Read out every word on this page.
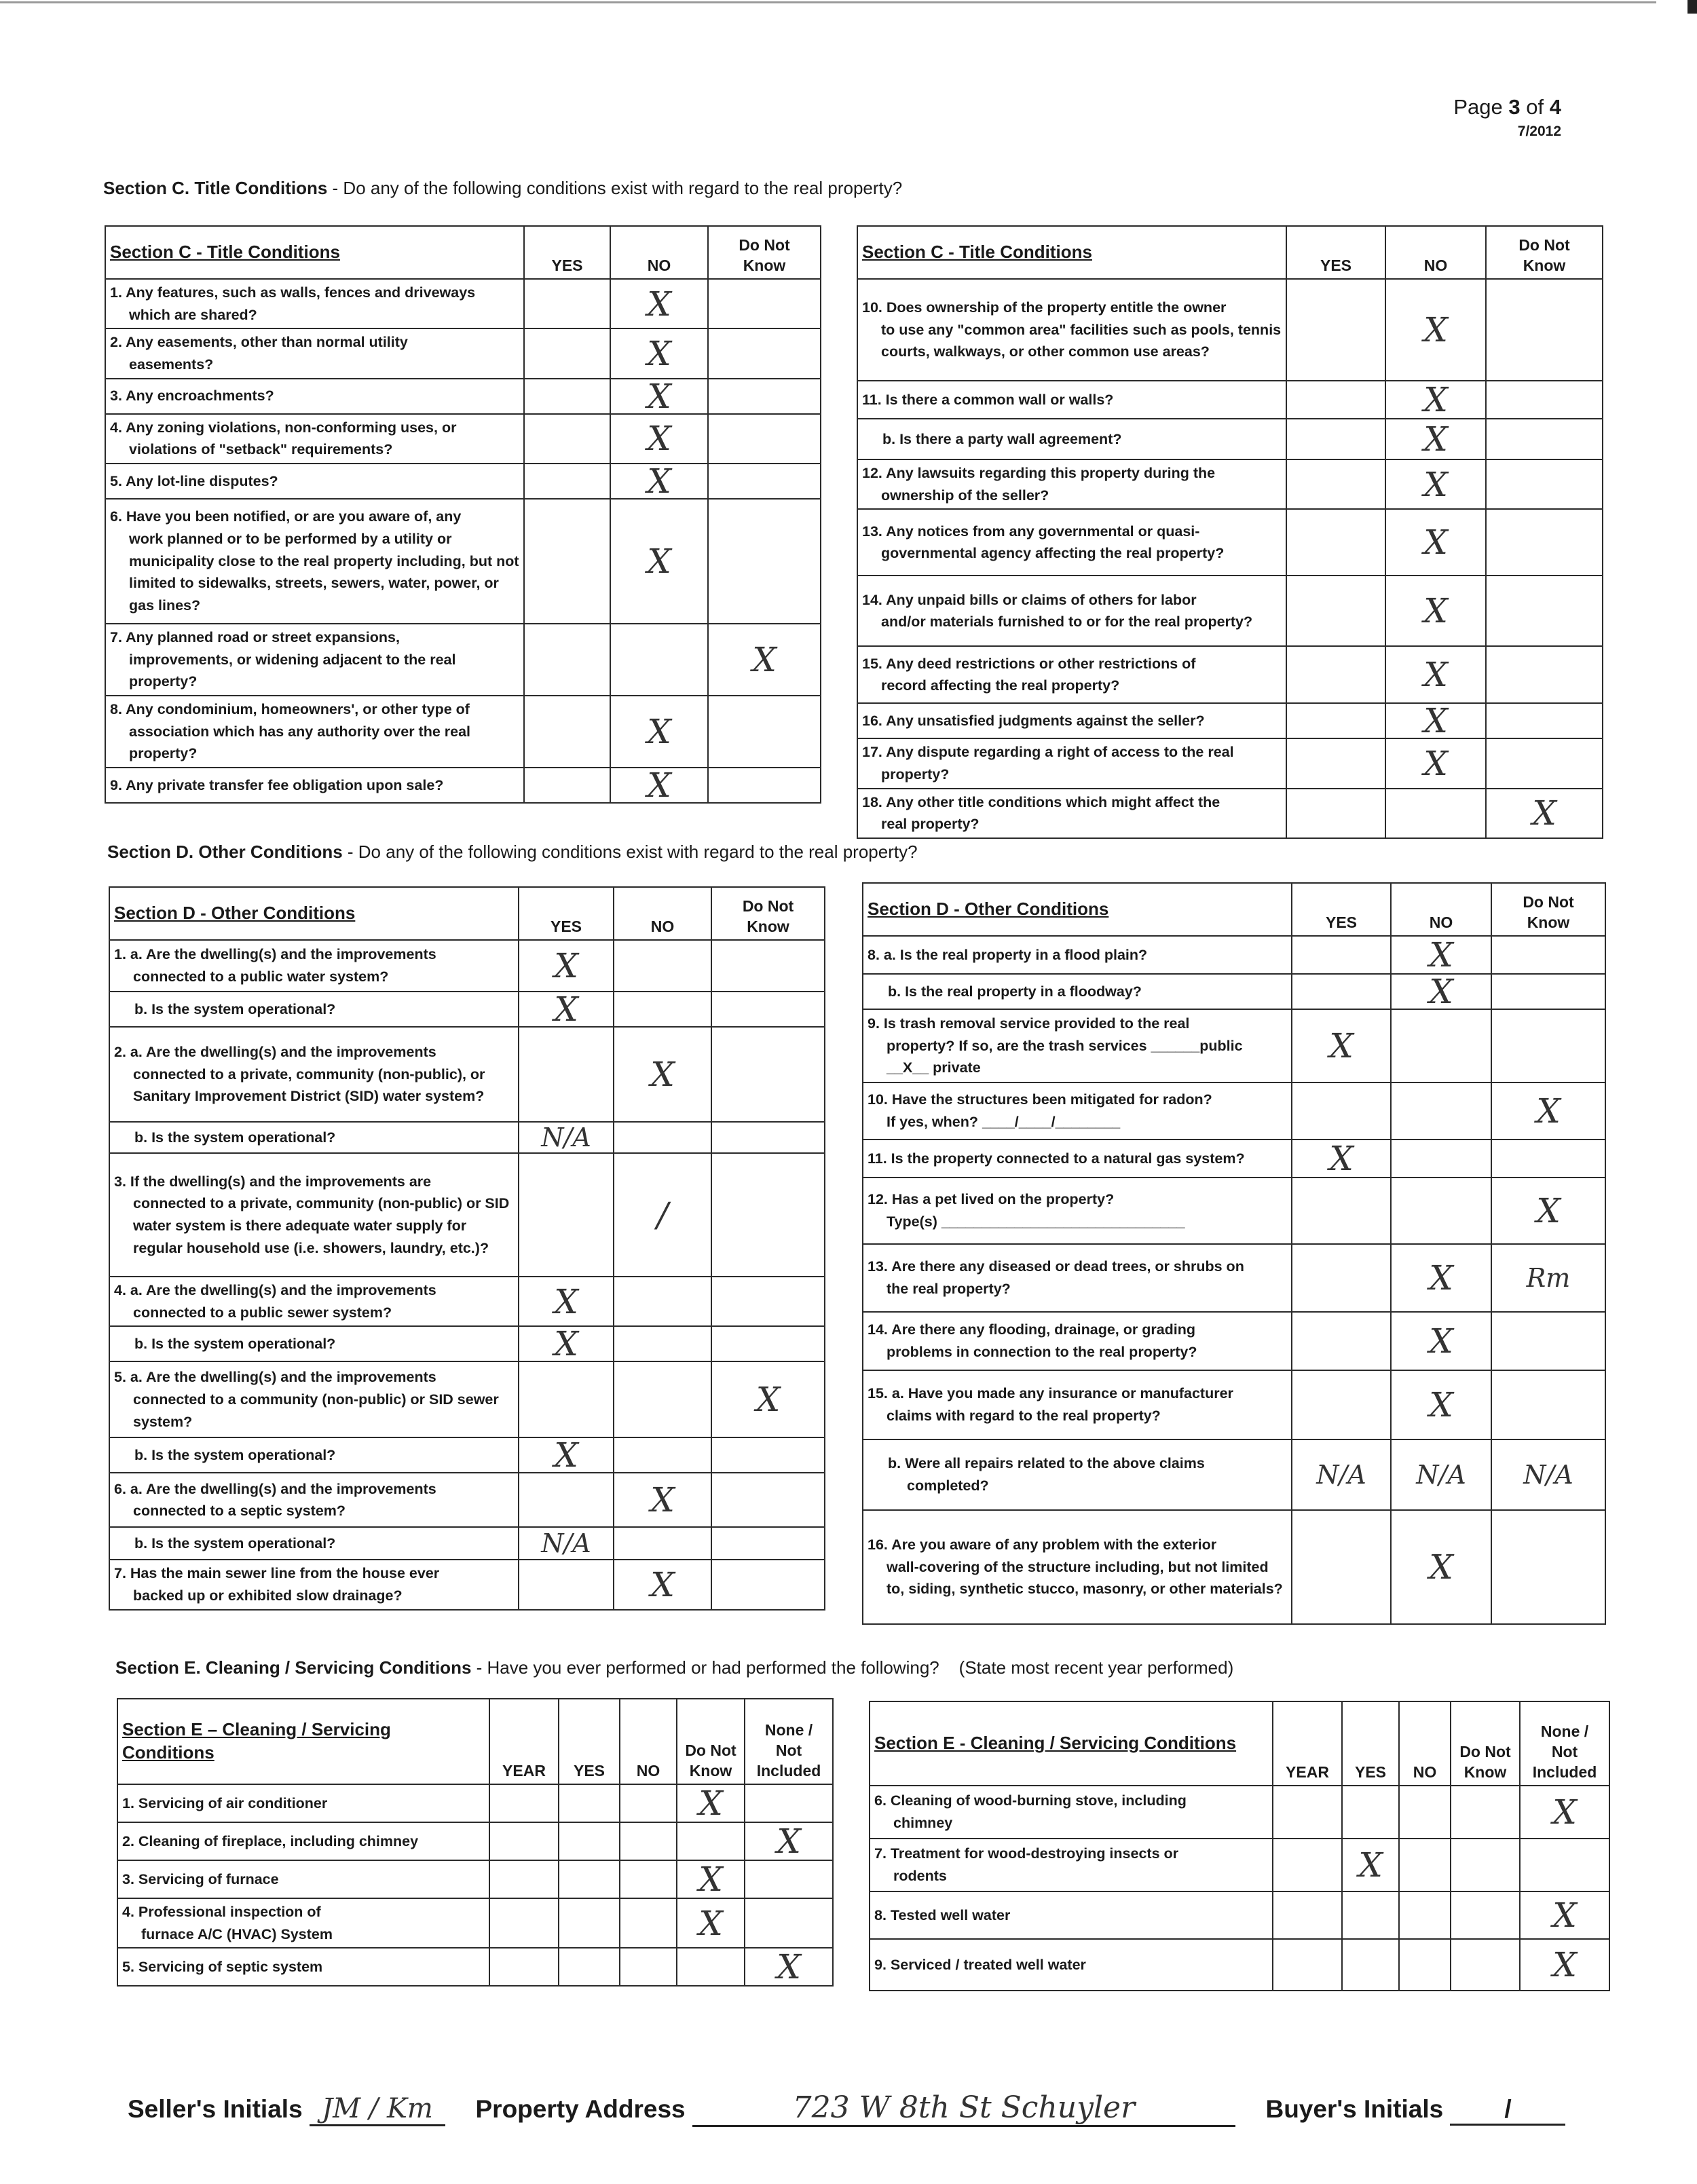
Page 3 of 4
7/2012
Section C. Title Conditions - Do any of the following conditions exist with regard to the real property?
Section C - Title Conditions	YES	NO	Do Not
Know
1. Any features, such as walls, fences and driveways
which are shared?		X	
2. Any easements, other than normal utility
easements?		X	
3. Any encroachments?		X	
4. Any zoning violations, non-conforming uses, or
violations of "setback" requirements?		X	
5. Any lot-line disputes?		X	
6. Have you been notified, or are you aware of, any
work planned or to be performed by a utility or municipality close to the real property including, but not limited to sidewalks, streets, sewers, water, power, or gas lines?		X	
7. Any planned road or street expansions,
improvements, or widening adjacent to the real property?			X
8. Any condominium, homeowners', or other type of
association which has any authority over the real property?		X	
9. Any private transfer fee obligation upon sale?		X	
Section C - Title Conditions	YES	NO	Do Not
Know
10. Does ownership of the property entitle the owner
to use any "common area" facilities such as pools, tennis courts, walkways, or other common use areas?		X	
11. Is there a common wall or walls?		X	
b. Is there a party wall agreement?		X	
12. Any lawsuits regarding this property during the
ownership of the seller?		X	
13. Any notices from any governmental or quasi-
governmental agency affecting the real property?		X	
14. Any unpaid bills or claims of others for labor
and/or materials furnished to or for the real property?		X	
15. Any deed restrictions or other restrictions of
record affecting the real property?		X	
16. Any unsatisfied judgments against the seller?		X	
17. Any dispute regarding a right of access to the real
property?		X	
18. Any other title conditions which might affect the
real property?			X
Section D. Other Conditions - Do any of the following conditions exist with regard to the real property?
Section D - Other Conditions	YES	NO	Do Not
Know
1. a. Are the dwelling(s) and the improvements
connected to a public water system?	X		
b. Is the system operational?	X		
2. a. Are the dwelling(s) and the improvements
connected to a private, community (non-public), or Sanitary Improvement District (SID) water system?		X	
b. Is the system operational?	N/A		
3. If the dwelling(s) and the improvements are
connected to a private, community (non-public) or SID water system is there adequate water supply for regular household use (i.e. showers, laundry, etc.)?		/	
4. a. Are the dwelling(s) and the improvements
connected to a public sewer system?	X		
b. Is the system operational?	X		
5. a. Are the dwelling(s) and the improvements
connected to a community (non-public) or SID sewer system?			X
b. Is the system operational?	X		
6. a. Are the dwelling(s) and the improvements
connected to a septic system?		X	
b. Is the system operational?	N/A		
7. Has the main sewer line from the house ever
backed up or exhibited slow drainage?		X	
Section D - Other Conditions	YES	NO	Do Not
Know
8. a. Is the real property in a flood plain?		X	
b. Is the real property in a floodway?		X	
9. Is trash removal service provided to the real
property? If so, are the trash services ______public __X__ private	X		
10. Have the structures been mitigated for radon?
If yes, when? ____/____/________			X
11. Is the property connected to a natural gas system?	X		
12. Has a pet lived on the property?
Type(s) ______________________________			X
13. Are there any diseased or dead trees, or shrubs on
the real property?		X	Rm
14. Are there any flooding, drainage, or grading
problems in connection to the real property?		X	
15. a. Have you made any insurance or manufacturer
claims with regard to the real property?		X	
b. Were all repairs related to the above claims
completed?	N/A	N/A	N/A
16. Are you aware of any problem with the exterior
wall-covering of the structure including, but not limited to, siding, synthetic stucco, masonry, or other materials?		X	
Section E. Cleaning / Servicing Conditions - Have you ever performed or had performed the following?    (State most recent year performed)
Section E – Cleaning / Servicing
Conditions	YEAR	YES	NO	Do Not
Know	None /
Not
Included
1. Servicing of air conditioner				X	
2. Cleaning of fireplace, including chimney					X
3. Servicing of furnace				X	
4. Professional inspection of
furnace A/C (HVAC) System				X	
5. Servicing of septic system					X
Section E - Cleaning / Servicing Conditions	YEAR	YES	NO	Do Not
Know	None /
Not
Included
6. Cleaning of wood-burning stove, including
chimney					X
7. Treatment for wood-destroying insects or
rodents		X			
8. Tested well water					X
9. Serviced / treated well water					X
Seller's Initials JM / Km Property Address	723 W 8th St Schuyler	Buyer's Initials /
